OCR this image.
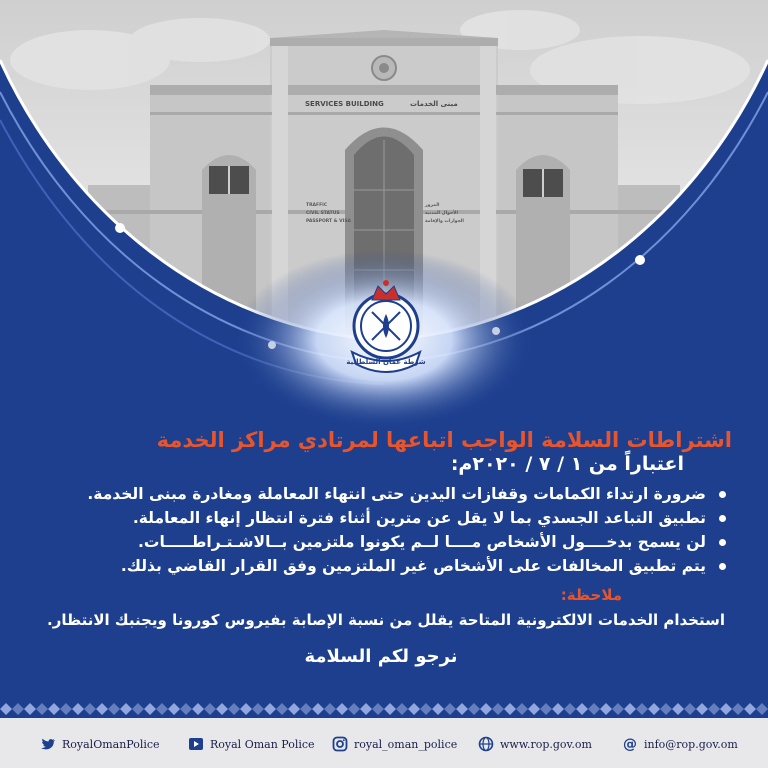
شرطة عمان السلطانية
SERVICES BUILDING	مبنى الخدمات
TRAFFIC
CIVIL STATUS
PASSPORT & VISA
المرور
الأحوال المدنية
الجوازات والإقامة
اشتراطات السلامة الواجب اتباعها لمرتادي مراكز الخدمة
اعتباراً من ١ / ٧ / ٢٠٢٠م:
ضرورة ارتداء الكمامات وقفازات اليدين حتى انتهاء المعاملة ومغادرة مبنى الخدمة.
تطبيق التباعد الجسدي بما لا يقل عن مترين أثناء فترة انتظار إنهاء المعاملة.
لن يسمح بدخــــول الأشخاص مــــا لــم يكونوا ملتزمين بــالاشـتـراطـــــات.
يتم تطبيق المخالفات على الأشخاص غير الملتزمين وفق القرار القاضي بذلك.
ملاحظة:
استخدام الخدمات الالكترونية المتاحة يقلل من نسبة الإصابة بفيروس كورونا ويجنبك الانتظار.
نرجو لكم السلامة
RoyalOmanPolice	Royal Oman Police	royal_oman_police	www.rop.gov.om @ info@rop.gov.om
